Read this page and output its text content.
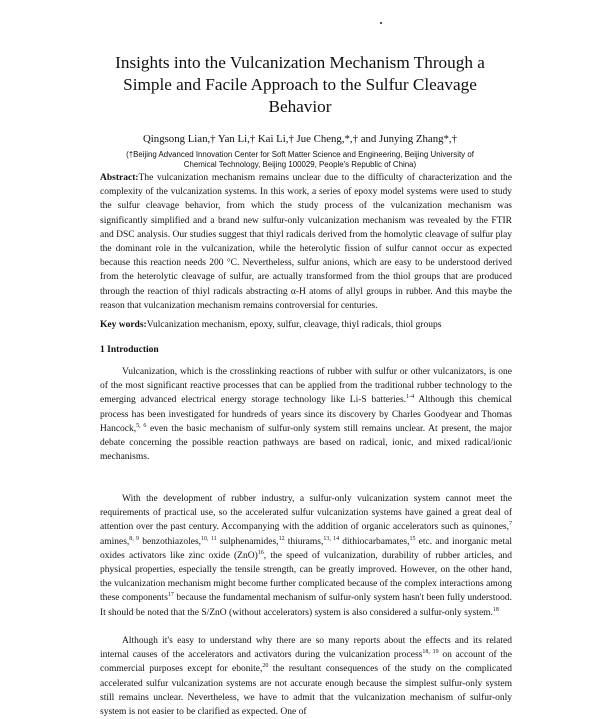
Insights into the Vulcanization Mechanism Through a Simple and Facile Approach to the Sulfur Cleavage Behavior
Qingsong Lian,† Yan Li,† Kai Li,† Jue Cheng,*,† and Junying Zhang*,†
(†Beijing Advanced Innovation Center for Soft Matter Science and Engineering, Beijing University of Chemical Technology, Beijing 100029, People's Republic of China)
Abstract:The vulcanization mechanism remains unclear due to the difficulty of characterization and the complexity of the vulcanization systems. In this work, a series of epoxy model systems were used to study the sulfur cleavage behavior, from which the study process of the vulcanization mechanism was significantly simplified and a brand new sulfur-only vulcanization mechanism was revealed by the FTIR and DSC analysis. Our studies suggest that thiyl radicals derived from the homolytic cleavage of sulfur play the dominant role in the vulcanization, while the heterolytic fission of sulfur cannot occur as expected because this reaction needs 200 °C. Nevertheless, sulfur anions, which are easy to be understood derived from the heterolytic cleavage of sulfur, are actually transformed from the thiol groups that are produced through the reaction of thiyl radicals abstracting α-H atoms of allyl groups in rubber. And this maybe the reason that vulcanization mechanism remains controversial for centuries.
Key words:Vulcanization mechanism, epoxy, sulfur, cleavage, thiyl radicals, thiol groups
1 Introduction
Vulcanization, which is the crosslinking reactions of rubber with sulfur or other vulcanizators, is one of the most significant reactive processes that can be applied from the traditional rubber technology to the emerging advanced electrical energy storage technology like Li-S batteries.$^{1-4}$ Although this chemical process has been investigated for hundreds of years since its discovery by Charles Goodyear and Thomas Hancock,$^{5, 6}$ even the basic mechanism of sulfur-only system still remains unclear. At present, the major debate concerning the possible reaction pathways are based on radical, ionic, and mixed radical/ionic mechanisms.
With the development of rubber industry, a sulfur-only vulcanization system cannot meet the requirements of practical use, so the accelerated sulfur vulcanization systems have gained a great deal of attention over the past century. Accompanying with the addition of organic accelerators such as quinones,$^7$ amines,$^{8, 9}$ benzothiazoles,$^{10, 11}$ sulphenamides,$^{12}$ thiurams,$^{13, 14}$ dithiocarbamates,$^{15}$ etc. and inorganic metal oxides activators like zinc oxide (ZnO)$^{16}$, the speed of vulcanization, durability of rubber articles, and physical properties, especially the tensile strength, can be greatly improved. However, on the other hand, the vulcanization mechanism might become further complicated because of the complex interactions among these components$^{17}$ because the fundamental mechanism of sulfur-only system hasn't been fully understood. It should be noted that the S/ZnO (without accelerators) system is also considered a sulfur-only system.$^{18}$
Although it's easy to understand why there are so many reports about the effects and its related internal causes of the accelerators and activators during the vulcanization process$^{18, 19}$ on account of the commercial purposes except for ebonite,$^{20}$ the resultant consequences of the study on the complicated accelerated sulfur vulcanization systems are not accurate enough because the simplest sulfur-only system still remains unclear. Nevertheless, we have to admit that the vulcanization mechanism of sulfur-only system is not easier to be clarified as expected. One of
